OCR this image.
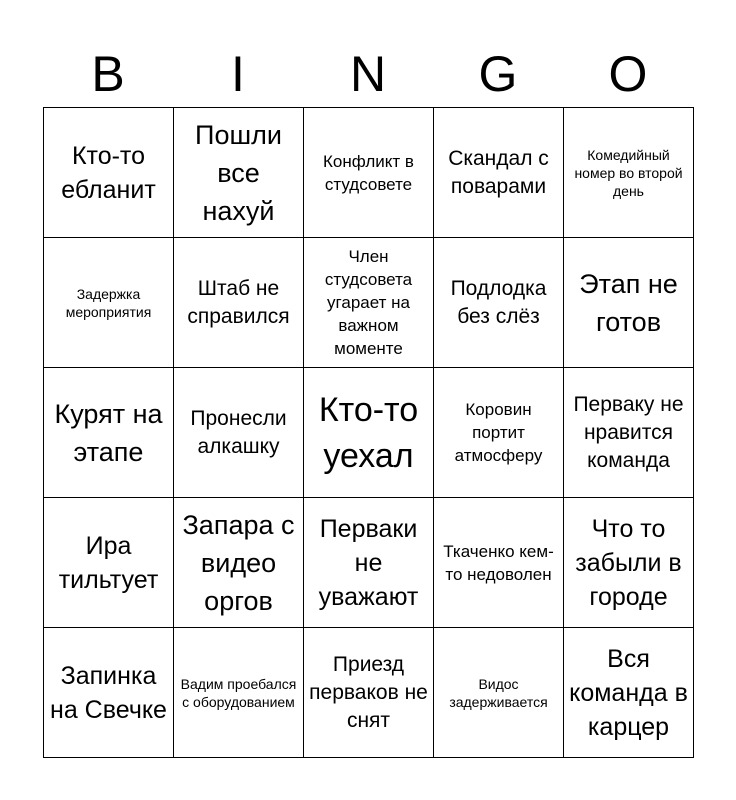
B	I	N	G	O
Кто-то ебланит
Пошли все нахуй
Конфликт в студсовете
Скандал с поварами
Комедийный номер во второй день
Задержка мероприятия
Штаб не справился
Член студсовета угарает на важном моменте
Подлодка без слёз
Этап не готов
Курят на этапе
Пронесли алкашку
Кто-то уехал
Коровин портит атмосферу
Перваку не нравится команда
Ира тильтует
Запара с видео оргов
Перваки не уважают
Ткаченко кем-то недоволен
Что то забыли в городе
Запинка на Свечке
Вадим проебался с оборудованием
Приезд перваков не снят
Видос задерживается
Вся команда в карцер
